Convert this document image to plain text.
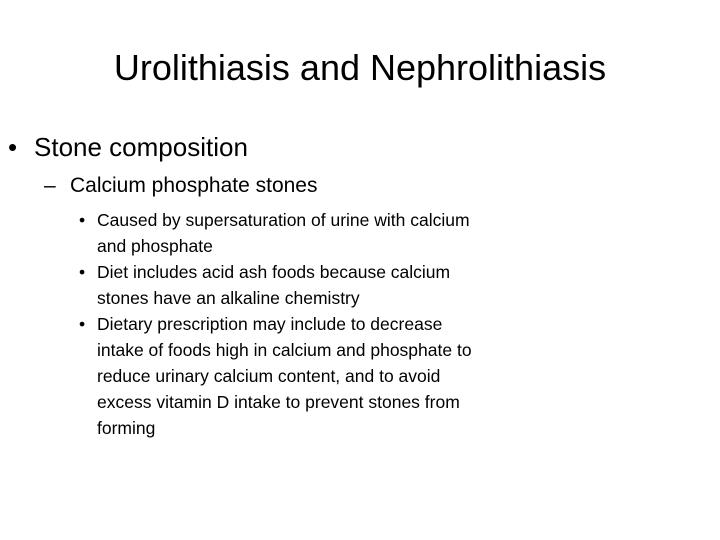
Urolithiasis and Nephrolithiasis
• Stone composition
– Calcium phosphate stones
• Caused by supersaturation of urine with calcium and phosphate
• Diet includes acid ash foods because calcium stones have an alkaline chemistry
• Dietary prescription may include to decrease intake of foods high in calcium and phosphate to reduce urinary calcium content, and to avoid excess vitamin D intake to prevent stones from forming
